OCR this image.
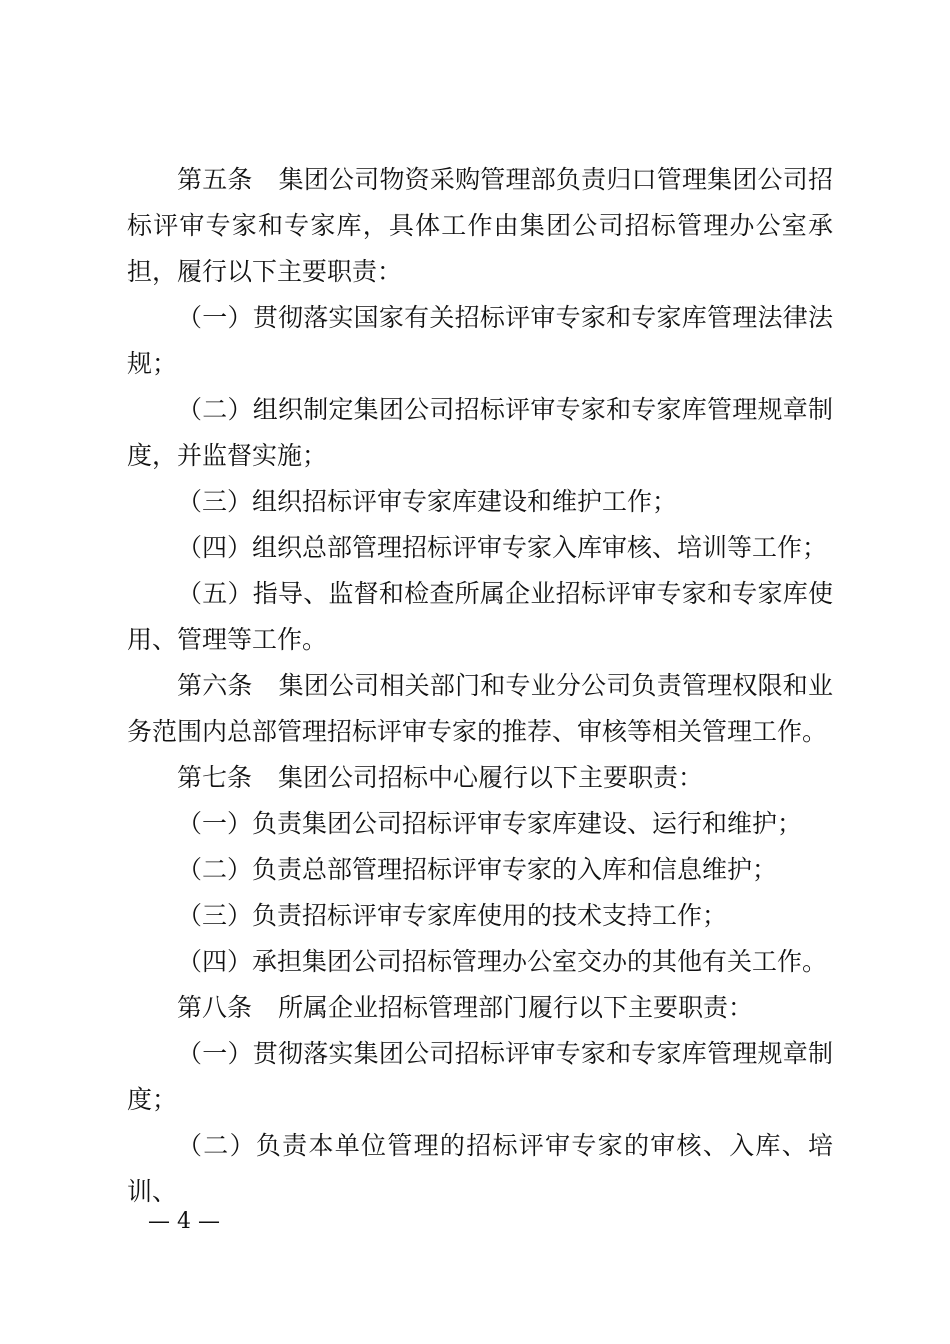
第五条 集团公司物资采购管理部负责归口管理集团公司招标评审专家和专家库，具体工作由集团公司招标管理办公室承担，履行以下主要职责：

（一）贯彻落实国家有关招标评审专家和专家库管理法律法规；

（二）组织制定集团公司招标评审专家和专家库管理规章制度，并监督实施；

（三）组织招标评审专家库建设和维护工作；

（四）组织总部管理招标评审专家入库审核、培训等工作；

（五）指导、监督和检查所属企业招标评审专家和专家库使用、管理等工作。

第六条 集团公司相关部门和专业分公司负责管理权限和业务范围内总部管理招标评审专家的推荐、审核等相关管理工作。

第七条 集团公司招标中心履行以下主要职责：

（一）负责集团公司招标评审专家库建设、运行和维护；

（二）负责总部管理招标评审专家的入库和信息维护；

（三）负责招标评审专家库使用的技术支持工作；

（四）承担集团公司招标管理办公室交办的其他有关工作。

第八条 所属企业招标管理部门履行以下主要职责：

（一）贯彻落实集团公司招标评审专家和专家库管理规章制度；

（二）负责本单位管理的招标评审专家的审核、入库、培训、

— 4 —
